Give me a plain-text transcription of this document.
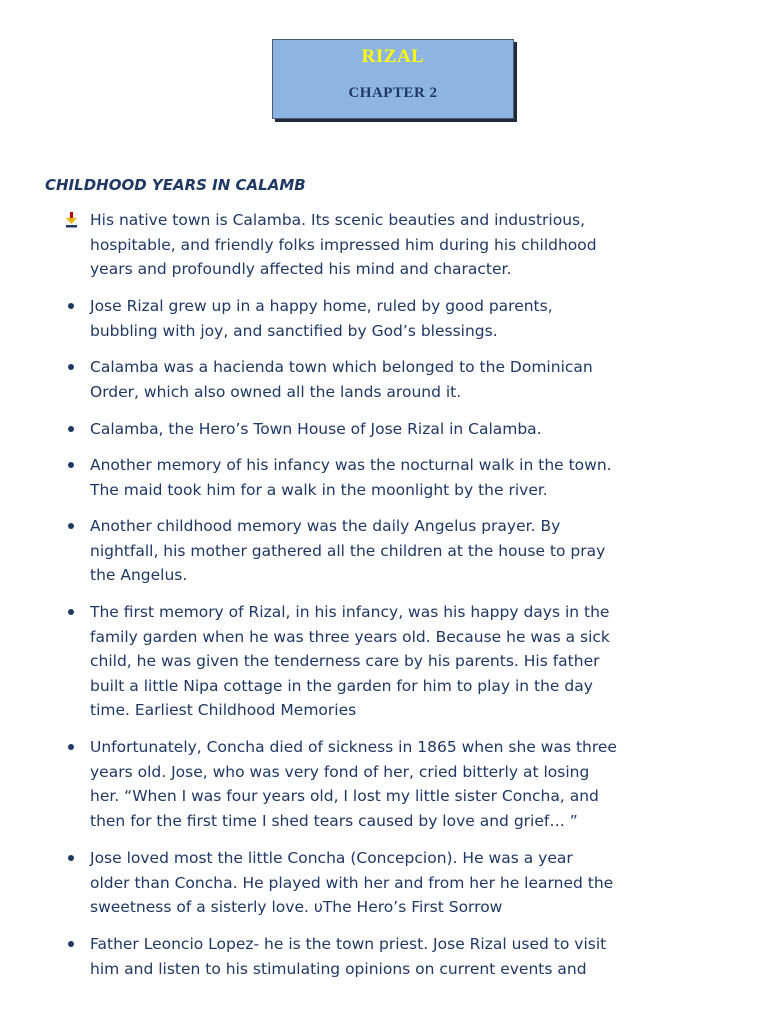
RIZAL
CHAPTER 2
CHILDHOOD YEARS IN CALAMB
His native town is Calamba. Its scenic beauties and industrious,
hospitable, and friendly folks impressed him during his childhood
years and profoundly affected his mind and character.
Jose Rizal grew up in a happy home, ruled by good parents,
bubbling with joy, and sanctified by God’s blessings.
Calamba was a hacienda town which belonged to the Dominican
Order, which also owned all the lands around it.
Calamba, the Hero’s Town House of Jose Rizal in Calamba.
Another memory of his infancy was the nocturnal walk in the town.
The maid took him for a walk in the moonlight by the river.
Another childhood memory was the daily Angelus prayer. By
nightfall, his mother gathered all the children at the house to pray
the Angelus.
The first memory of Rizal, in his infancy, was his happy days in the
family garden when he was three years old. Because he was a sick
child, he was given the tenderness care by his parents. His father
built a little Nipa cottage in the garden for him to play in the day
time. Earliest Childhood Memories
Unfortunately, Concha died of sickness in 1865 when she was three
years old. Jose, who was very fond of her, cried bitterly at losing
her. “When I was four years old, I lost my little sister Concha, and
then for the first time I shed tears caused by love and grief… ”
Jose loved most the little Concha (Concepcion). He was a year
older than Concha. He played with her and from her he learned the
sweetness of a sisterly love. υThe Hero’s First Sorrow
Father Leoncio Lopez- he is the town priest. Jose Rizal used to visit
him and listen to his stimulating opinions on current events and
